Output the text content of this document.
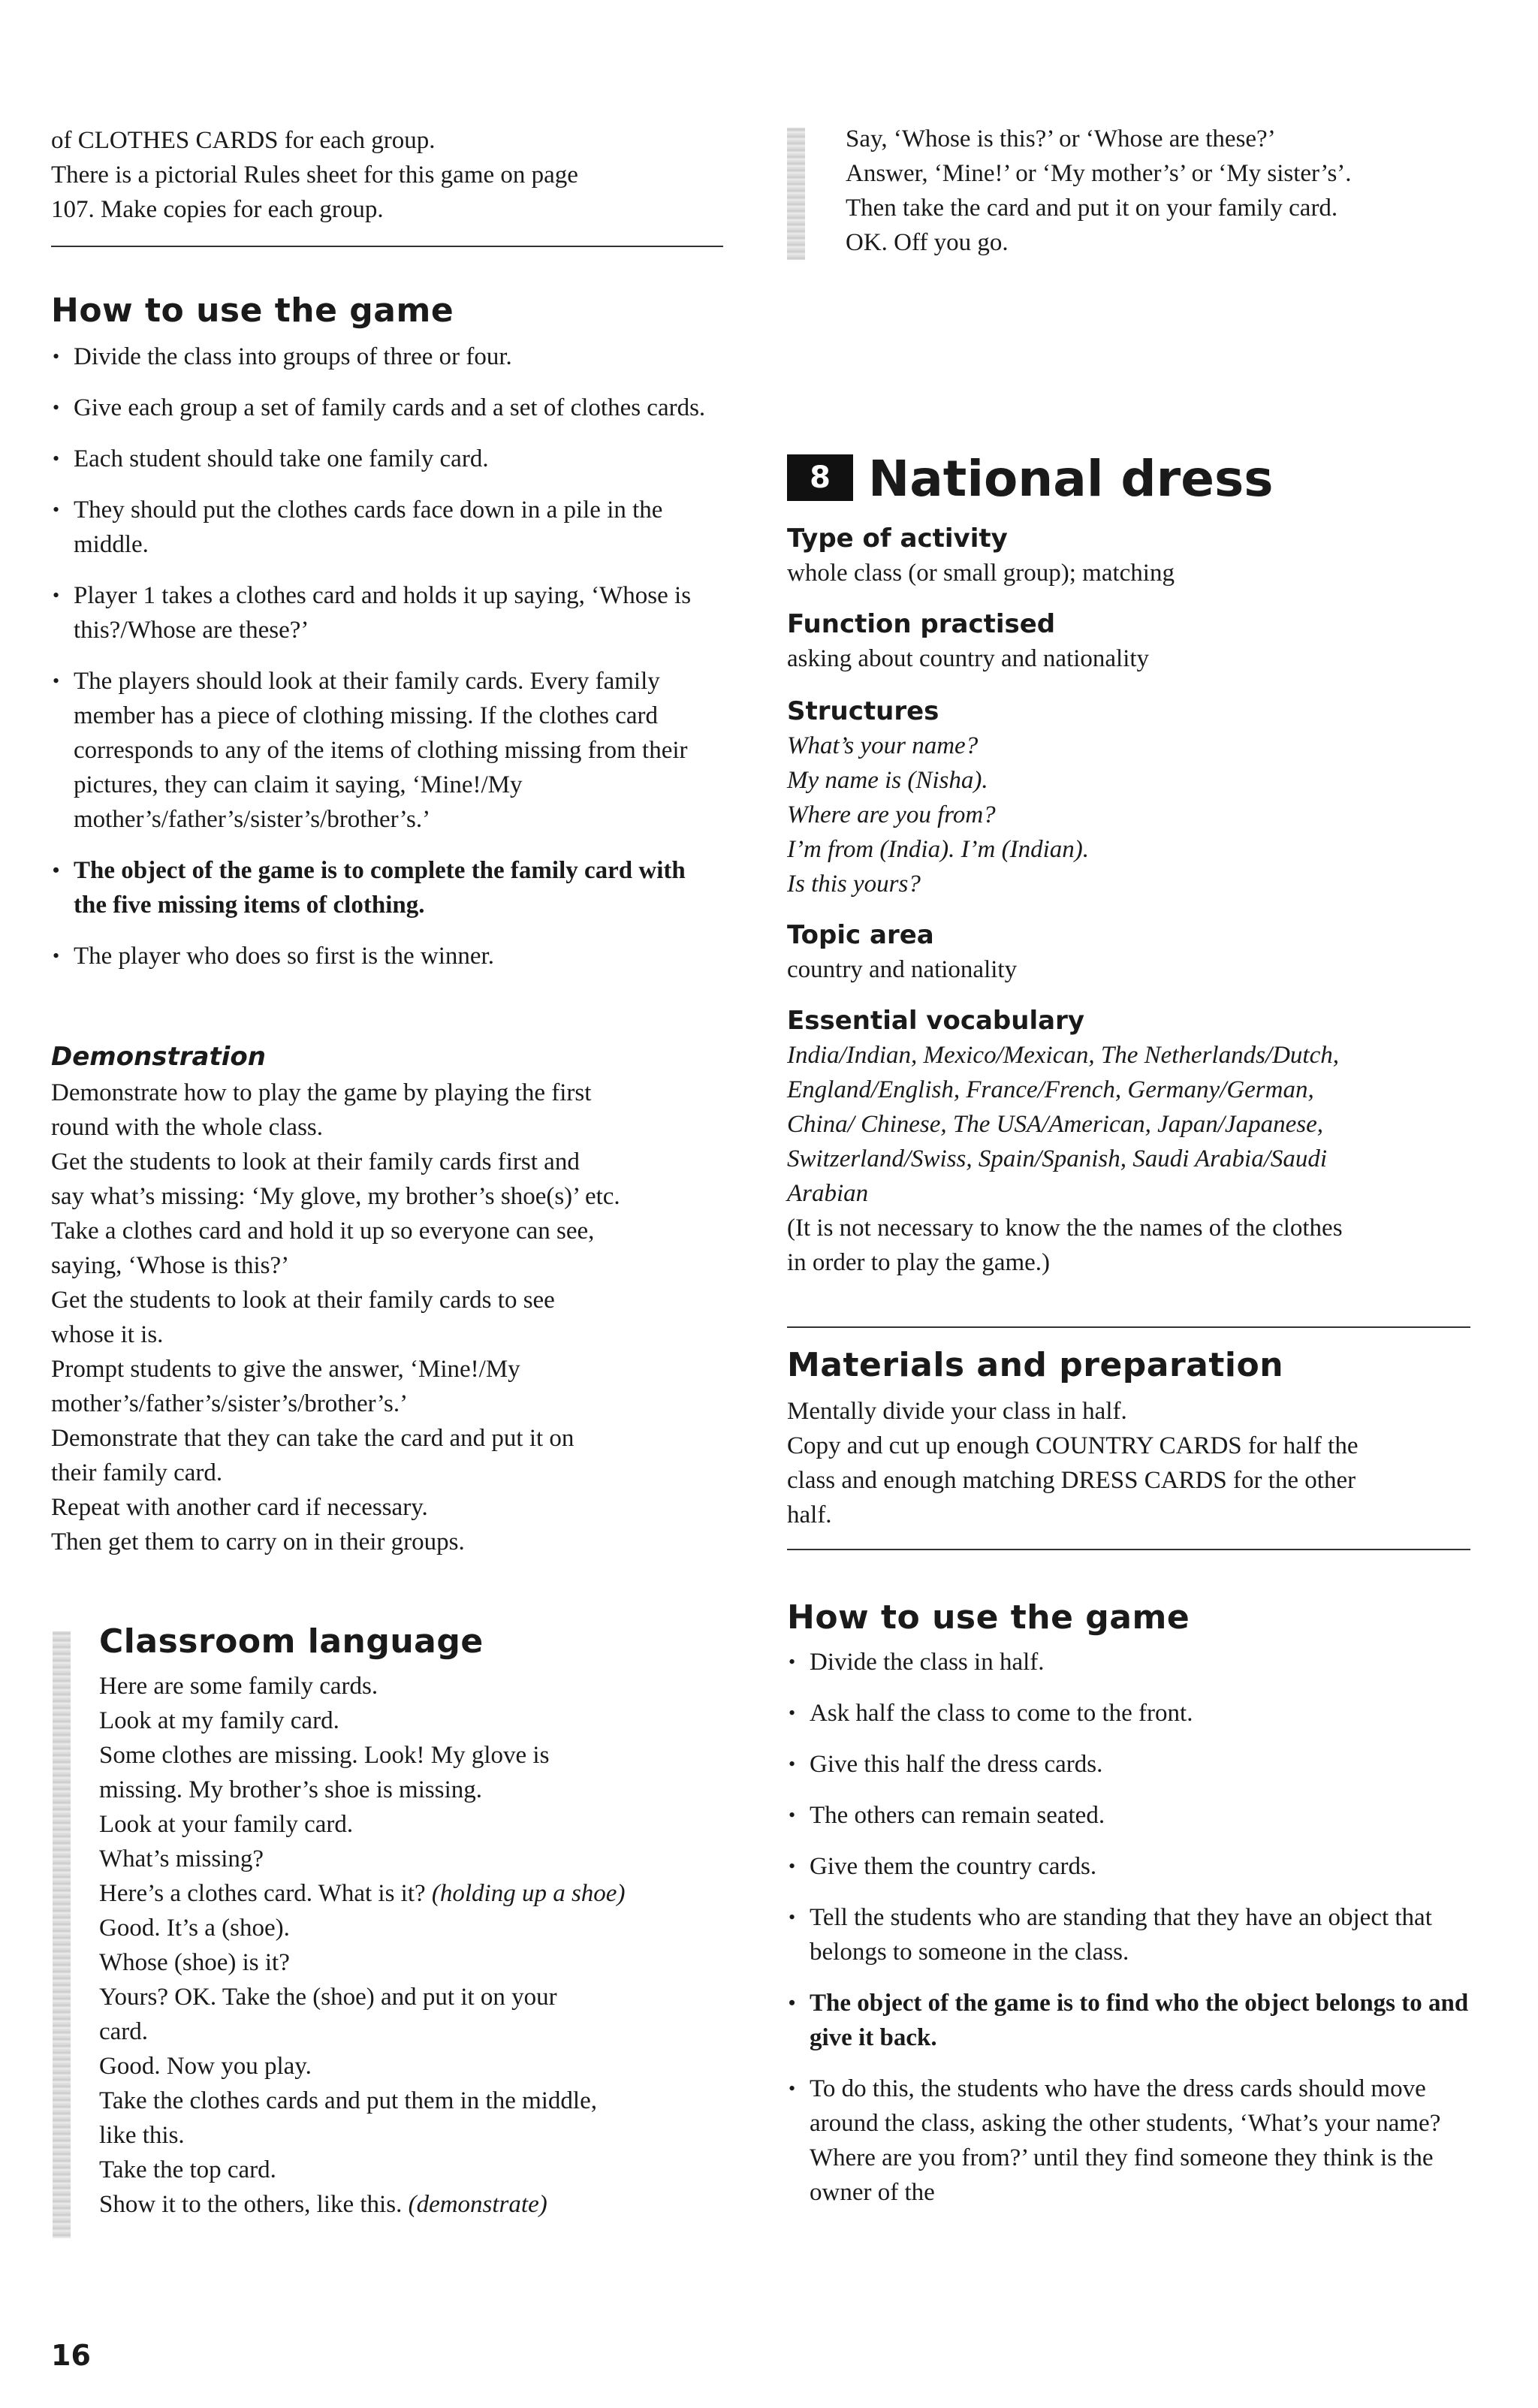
of CLOTHES CARDS for each group.
There is a pictorial Rules sheet for this game on page
107. Make copies for each group.
How to use the game
• Divide the class into groups of three or four.
• Give each group a set of family cards and a set of clothes cards.
• Each student should take one family card.
• They should put the clothes cards face down in a pile in the middle.
• Player 1 takes a clothes card and holds it up saying, ‘Whose is this?/Whose are these?’
• The players should look at their family cards. Every family member has a piece of clothing missing. If the clothes card corresponds to any of the items of clothing missing from their pictures, they can claim it saying, ‘Mine!/My mother’s/father’s/sister’s/brother’s.’
• The object of the game is to complete the family card with the five missing items of clothing.
• The player who does so first is the winner.
Demonstration
Demonstrate how to play the game by playing the first
round with the whole class.
Get the students to look at their family cards first and
say what’s missing: ‘My glove, my brother’s shoe(s)’ etc.
Take a clothes card and hold it up so everyone can see,
saying, ‘Whose is this?’
Get the students to look at their family cards to see
whose it is.
Prompt students to give the answer, ‘Mine!/My
mother’s/father’s/sister’s/brother’s.’
Demonstrate that they can take the card and put it on
their family card.
Repeat with another card if necessary.
Then get them to carry on in their groups.
Classroom language
Here are some family cards.
Look at my family card.
Some clothes are missing. Look! My glove is
missing. My brother’s shoe is missing.
Look at your family card.
What’s missing?
Here’s a clothes card. What is it? (holding up a shoe)
Good. It’s a (shoe).
Whose (shoe) is it?
Yours? OK. Take the (shoe) and put it on your
card.
Good. Now you play.
Take the clothes cards and put them in the middle,
like this.
Take the top card.
Show it to the others, like this. (demonstrate)
Say, ‘Whose is this?’ or ‘Whose are these?’
Answer, ‘Mine!’ or ‘My mother’s’ or ‘My sister’s’.
Then take the card and put it on your family card.
OK. Off you go.
8 National dress
Type of activity
whole class (or small group); matching
Function practised
asking about country and nationality
Structures
What’s your name?
My name is (Nisha).
Where are you from?
I’m from (India). I’m (Indian).
Is this yours?
Topic area
country and nationality
Essential vocabulary
India/Indian, Mexico/Mexican, The Netherlands/Dutch,
England/English, France/French, Germany/German,
China/ Chinese, The USA/American, Japan/Japanese,
Switzerland/Swiss, Spain/Spanish, Saudi Arabia/Saudi
Arabian
(It is not necessary to know the the names of the clothes
in order to play the game.)
Materials and preparation
Mentally divide your class in half.
Copy and cut up enough COUNTRY CARDS for half the
class and enough matching DRESS CARDS for the other
half.
How to use the game
• Divide the class in half.
• Ask half the class to come to the front.
• Give this half the dress cards.
• The others can remain seated.
• Give them the country cards.
• Tell the students who are standing that they have an object that belongs to someone in the class.
• The object of the game is to find who the object belongs to and give it back.
• To do this, the students who have the dress cards should move around the class, asking the other students, ‘What’s your name? Where are you from?’ until they find someone they think is the owner of the
16
